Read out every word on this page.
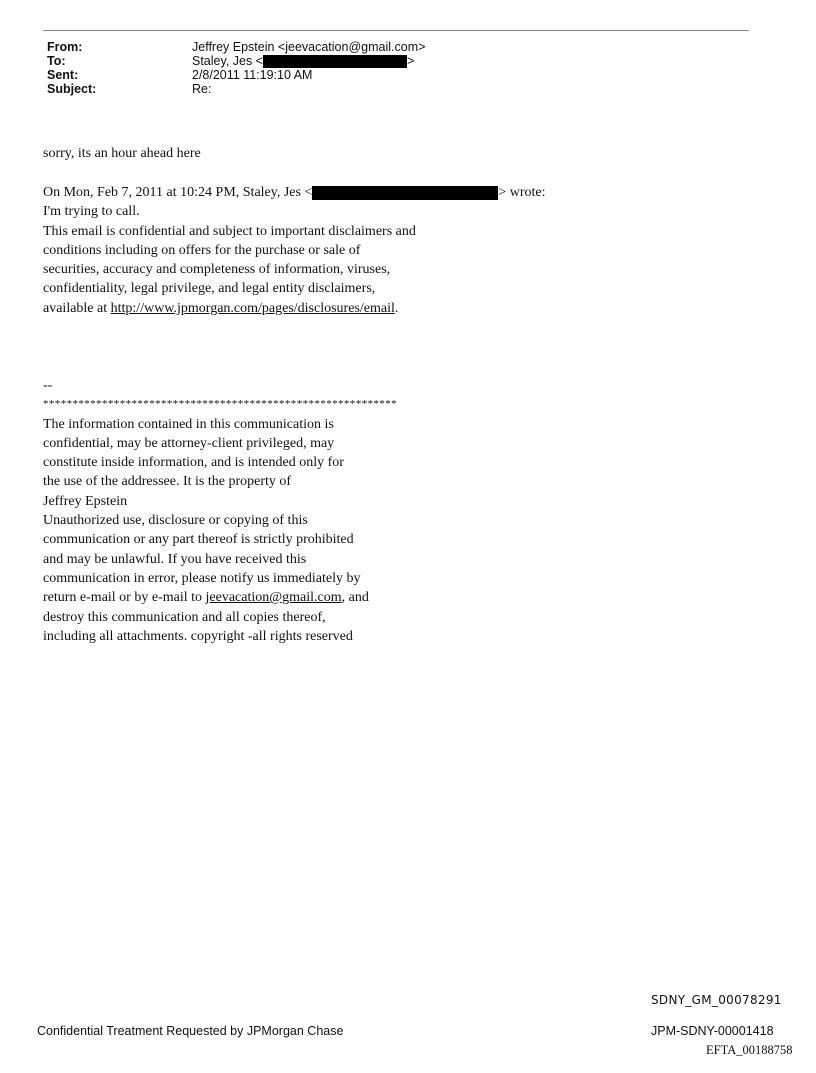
From:	Jeffrey Epstein <jeevacation@gmail.com>
To:	Staley, Jes <	>
Sent:	2/8/2011 11:19:10 AM
Subject:	Re:
sorry, its an hour ahead here
On Mon, Feb 7, 2011 at 10:24 PM, Staley, Jes <	> wrote:
I'm trying to call.
This email is confidential and subject to important disclaimers and
conditions including on offers for the purchase or sale of
securities, accuracy and completeness of information, viruses,
confidentiality, legal privilege, and legal entity disclaimers,
available at
http://www.jpmorgan.com/pages/disclosures/email .
--
************************************************************
The information contained in this communication is
confidential, may be attorney-client privileged, may
constitute inside information, and is intended only for
the use of the addressee. It is the property of
Jeffrey Epstein
Unauthorized use, disclosure or copying of this
communication or any part thereof is strictly prohibited
and may be unlawful. If you have received this
communication in error, please notify us immediately by
return e-mail or by e-mail to
jeevacation@gmail.com , and
destroy this communication and all copies thereof,
including all attachments. copyright -all rights reserved
SDNY_GM_00078291
Confidential Treatment Requested by JPMorgan Chase	JPM-SDNY-00001418
EFTA_00188758
